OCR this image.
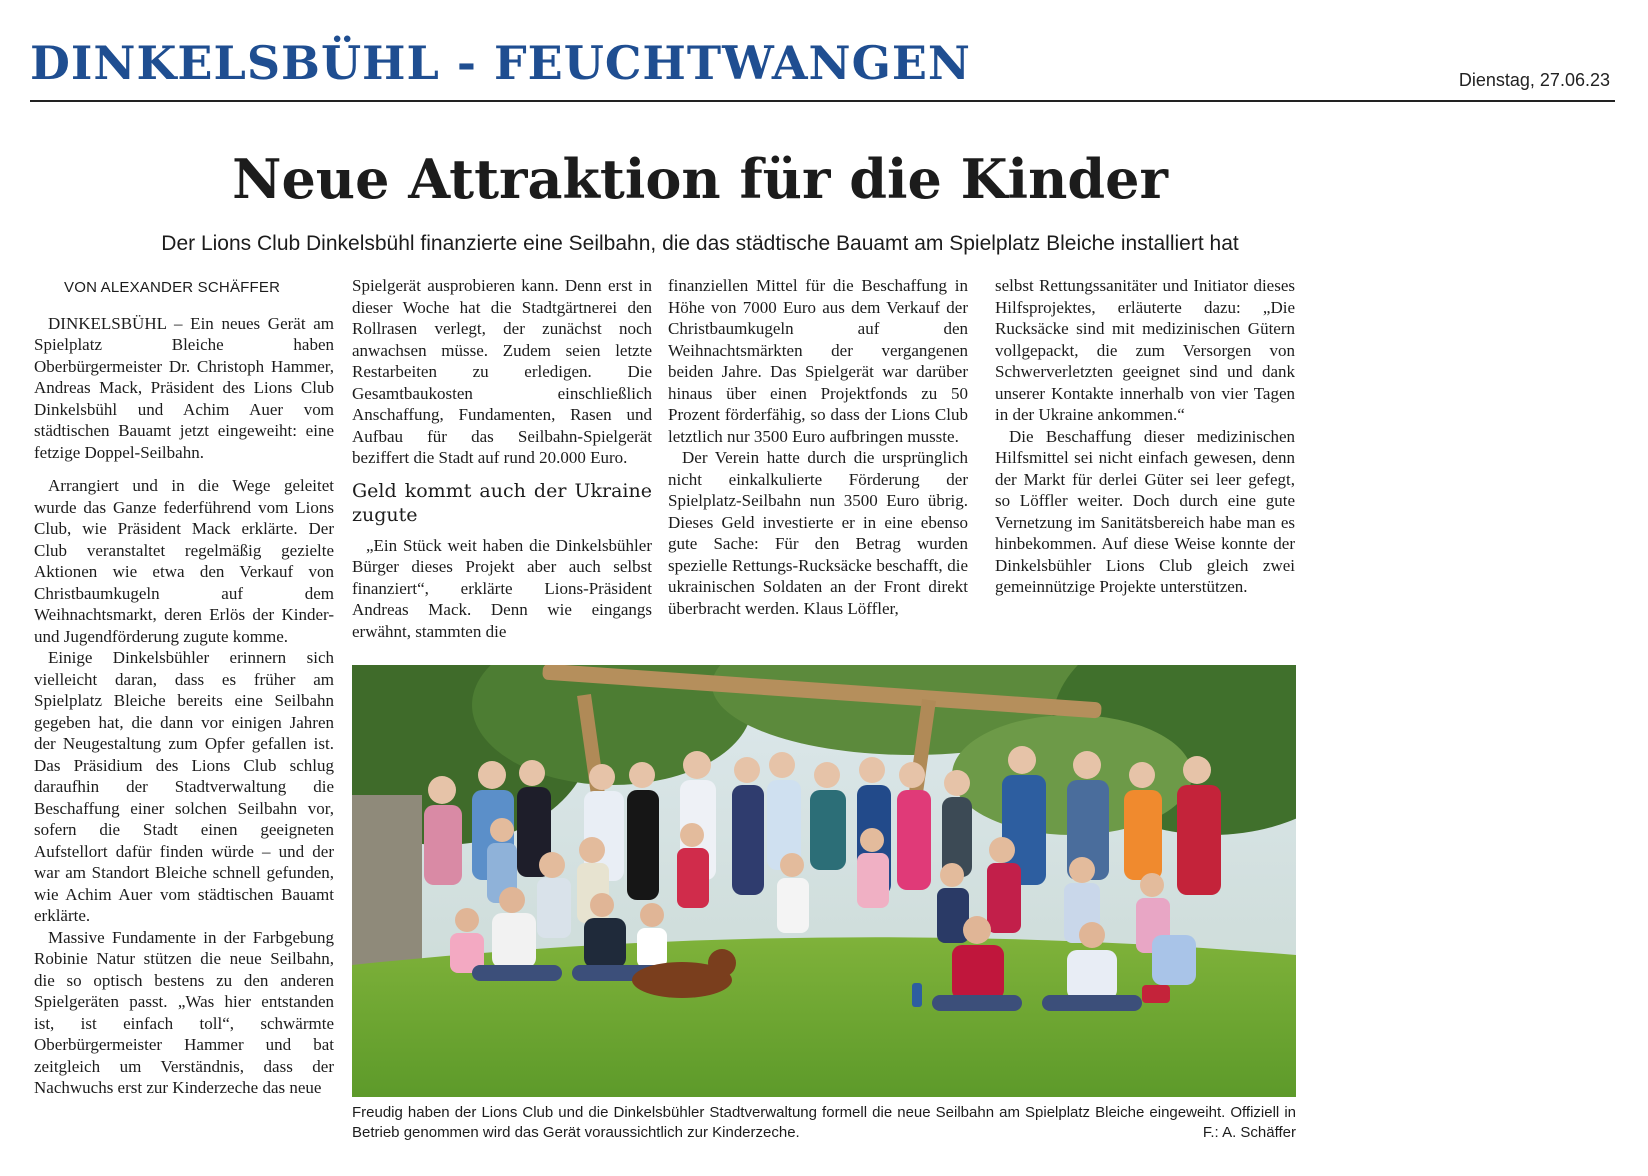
DINKELSBÜHL - FEUCHTWANGEN	Dienstag, 27.06.23
Neue Attraktion für die Kinder
Der Lions Club Dinkelsbühl finanzierte eine Seilbahn, die das städtische Bauamt am Spielplatz Bleiche installiert hat
VON ALEXANDER SCHÄFFER

DINKELSBÜHL – Ein neues Gerät am Spielplatz Bleiche haben Oberbürgermeister Dr. Christoph Hammer, Andreas Mack, Präsident des Lions Club Dinkelsbühl und Achim Auer vom städtischen Bauamt jetzt eingeweiht: eine fetzige Doppel-Seilbahn.

Arrangiert und in die Wege geleitet wurde das Ganze federführend vom Lions Club, wie Präsident Mack erklärte. Der Club veranstaltet regelmäßig gezielte Aktionen wie etwa den Verkauf von Christbaumkugeln auf dem Weihnachtsmarkt, deren Erlös der Kinder- und Jugendförderung zugute komme.

Einige Dinkelsbühler erinnern sich vielleicht daran, dass es früher am Spielplatz Bleiche bereits eine Seilbahn gegeben hat, die dann vor einigen Jahren der Neugestaltung zum Opfer gefallen ist. Das Präsidium des Lions Club schlug daraufhin der Stadtverwaltung die Beschaffung einer solchen Seilbahn vor, sofern die Stadt einen geeigneten Aufstellort dafür finden würde – und der war am Standort Bleiche schnell gefunden, wie Achim Auer vom städtischen Bauamt erklärte.

Massive Fundamente in der Farbgebung Robinie Natur stützen die neue Seilbahn, die so optisch bestens zu den anderen Spielgeräten passt. „Was hier entstanden ist, ist einfach toll“, schwärmte Oberbürgermeister Hammer und bat zeitgleich um Verständnis, dass der Nachwuchs erst zur Kinderzeche das neue

Spielgerät ausprobieren kann. Denn erst in dieser Woche hat die Stadtgärtnerei den Rollrasen verlegt, der zunächst noch anwachsen müsse. Zudem seien letzte Restarbeiten zu erledigen. Die Gesamtbaukosten einschließlich Anschaffung, Fundamenten, Rasen und Aufbau für das Seilbahn-Spielgerät beziffert die Stadt auf rund 20.000 Euro.

Geld kommt auch der Ukraine zugute

„Ein Stück weit haben die Dinkelsbühler Bürger dieses Projekt aber auch selbst finanziert“, erklärte Lions-Präsident Andreas Mack. Denn wie eingangs erwähnt, stammten die

finanziellen Mittel für die Beschaffung in Höhe von 7000 Euro aus dem Verkauf der Christbaumkugeln auf den Weihnachtsmärkten der vergangenen beiden Jahre. Das Spielgerät war darüber hinaus über einen Projektfonds zu 50 Prozent förderfähig, so dass der Lions Club letztlich nur 3500 Euro aufbringen musste.

Der Verein hatte durch die ursprünglich nicht einkalkulierte Förderung der Spielplatz-Seilbahn nun 3500 Euro übrig. Dieses Geld investierte er in eine ebenso gute Sache: Für den Betrag wurden spezielle Rettungs-Rucksäcke beschafft, die ukrainischen Soldaten an der Front direkt überbracht werden. Klaus Löffler,

selbst Rettungssanitäter und Initiator dieses Hilfsprojektes, erläuterte dazu: „Die Rucksäcke sind mit medizinischen Gütern vollgepackt, die zum Versorgen von Schwerverletzten geeignet sind und dank unserer Kontakte innerhalb von vier Tagen in der Ukraine ankommen.“

Die Beschaffung dieser medizinischen Hilfsmittel sei nicht einfach gewesen, denn der Markt für derlei Güter sei leer gefegt, so Löffler weiter. Doch durch eine gute Vernetzung im Sanitätsbereich habe man es hinbekommen. Auf diese Weise konnte der Dinkelsbühler Lions Club gleich zwei gemeinnützige Projekte unterstützen.

Freudig haben der Lions Club und die Dinkelsbühler Stadtverwaltung formell die neue Seilbahn am Spielplatz Bleiche eingeweiht. Offiziell in Betrieb genommen wird das Gerät voraussichtlich zur Kinderzeche.	F.: A. Schäffer
